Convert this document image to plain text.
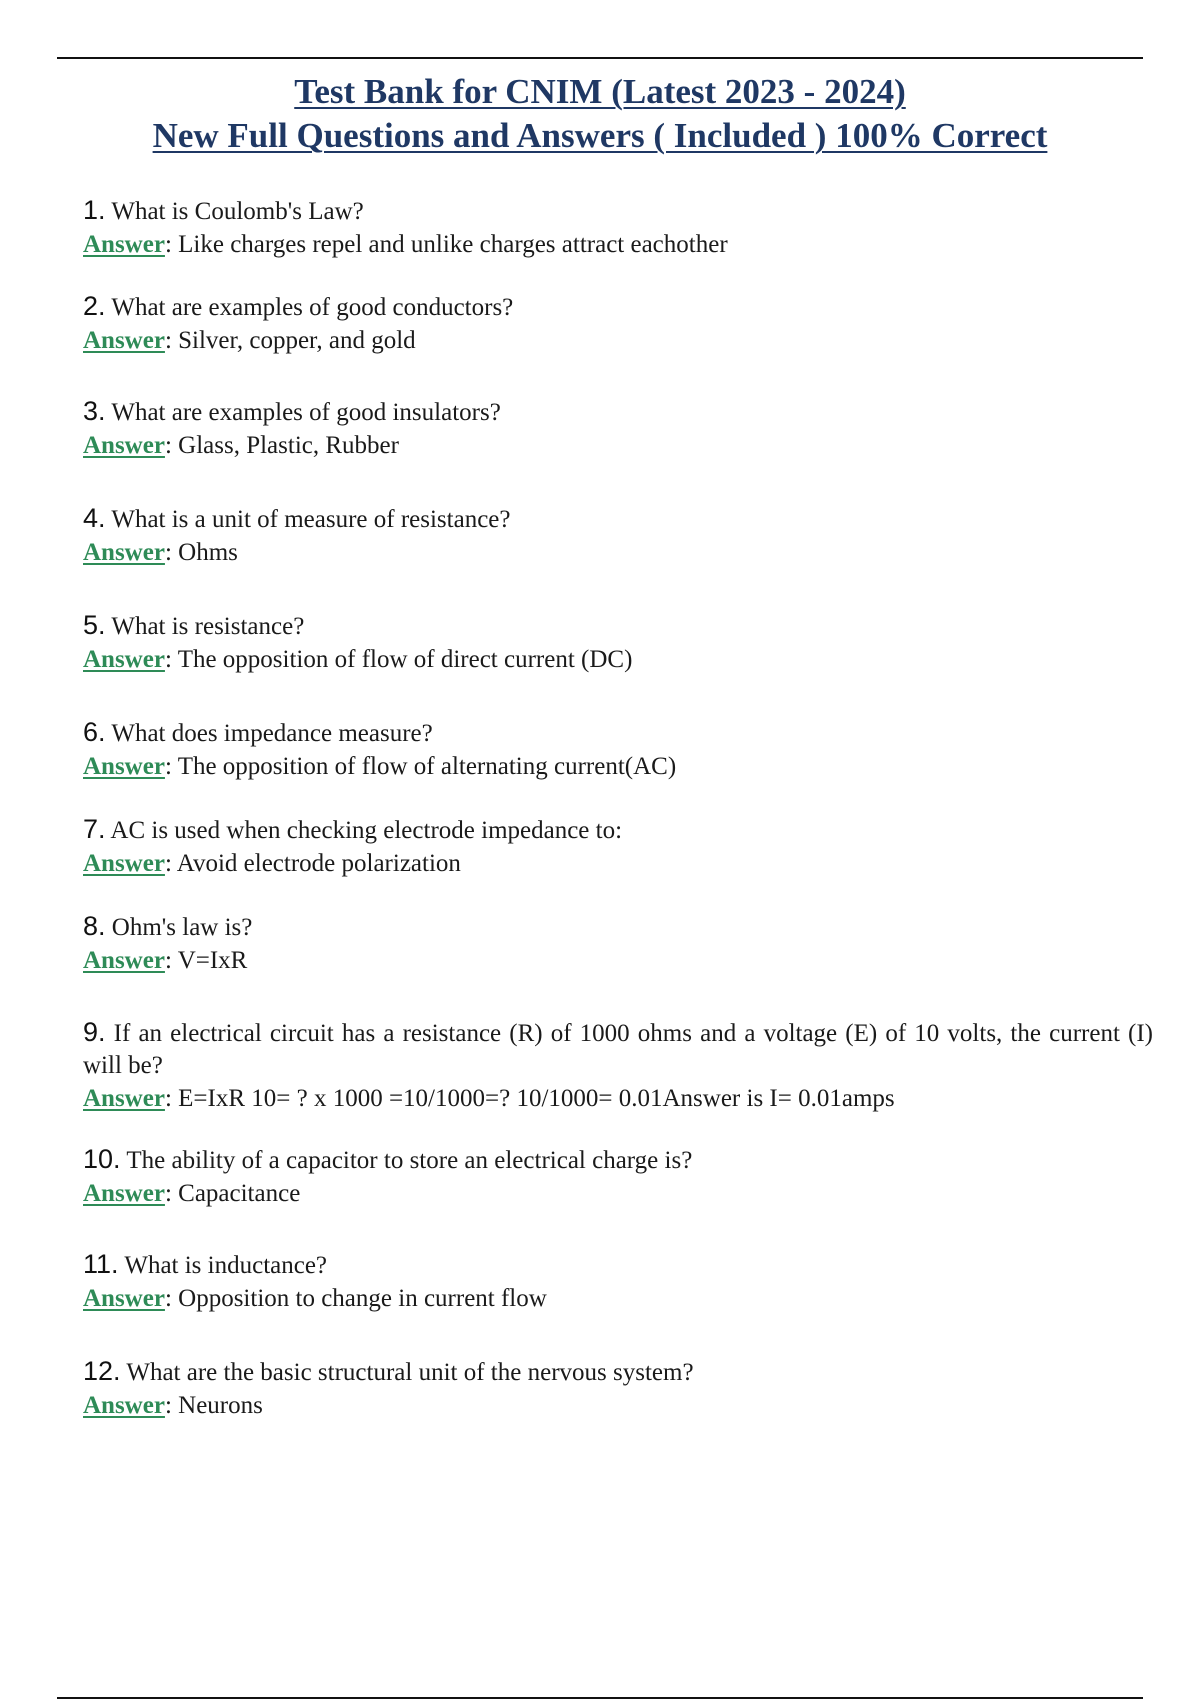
Test Bank for CNIM (Latest 2023 - 2024)
New Full Questions and Answers ( Included ) 100% Correct
1. What is Coulomb's Law?
Answer: Like charges repel and unlike charges attract eachother
2. What are examples of good conductors?
Answer: Silver, copper, and gold
3. What are examples of good insulators?
Answer: Glass, Plastic, Rubber
4. What is a unit of measure of resistance?
Answer: Ohms
5. What is resistance?
Answer: The opposition of flow of direct current (DC)
6. What does impedance measure?
Answer: The opposition of flow of alternating current(AC)
7. AC is used when checking electrode impedance to:
Answer: Avoid electrode polarization
8. Ohm's law is?
Answer: V=IxR
9. If an electrical circuit has a resistance (R) of 1000 ohms and a voltage (E) of 10 volts, the current (I) will be?
Answer: E=IxR 10= ? x 1000 =10/1000=? 10/1000= 0.01Answer is I= 0.01amps
10. The ability of a capacitor to store an electrical charge is?
Answer: Capacitance
11. What is inductance?
Answer: Opposition to change in current flow
12. What are the basic structural unit of the nervous system?
Answer: Neurons
